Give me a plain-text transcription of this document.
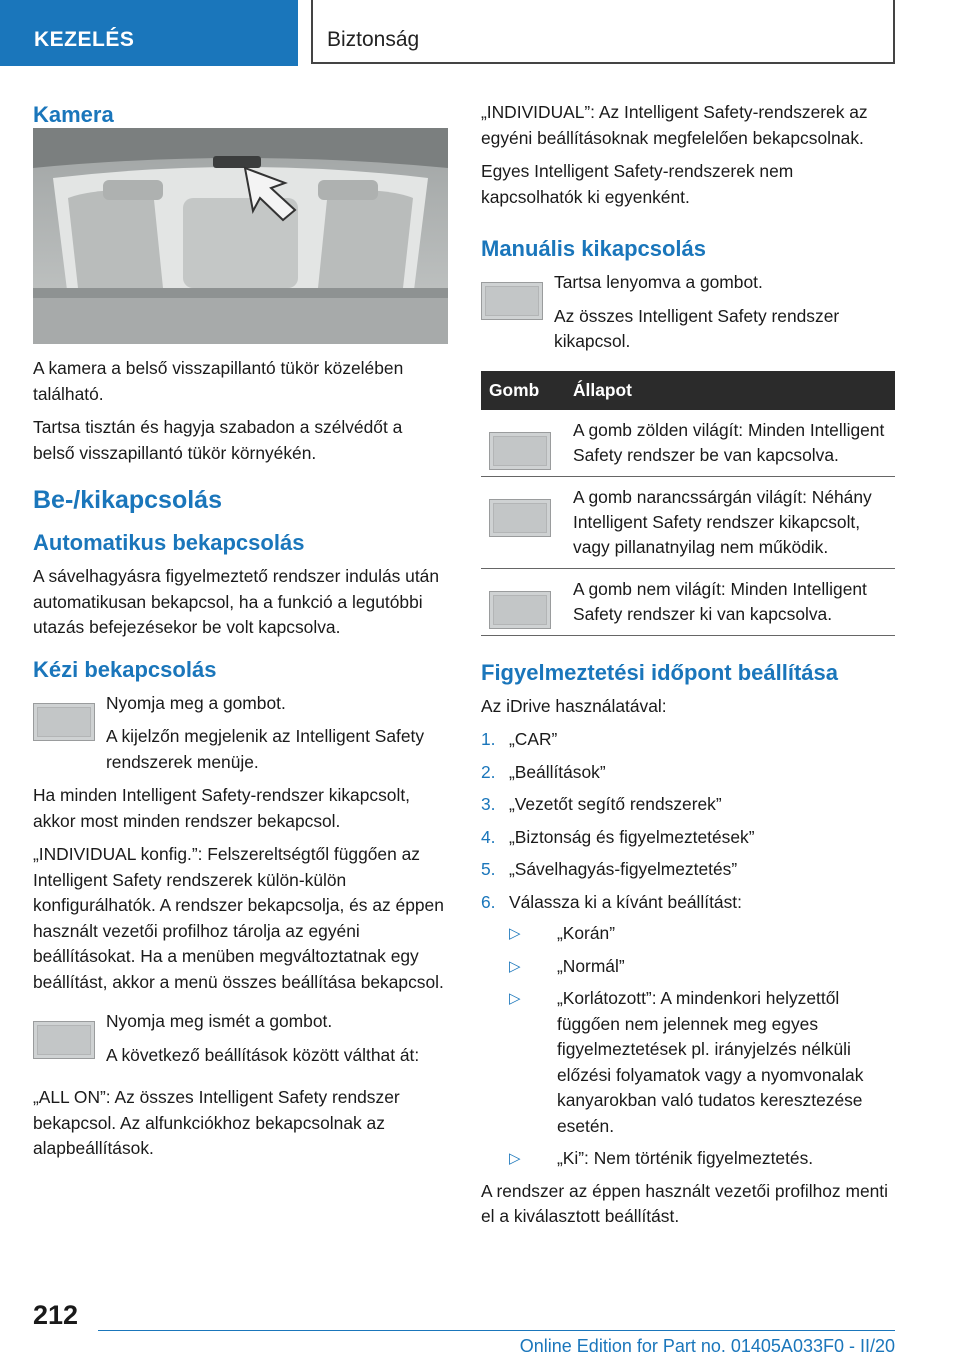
KEZELÉS	Biztonság
Kamera

A kamera a belső visszapillantó tükör közelében található.

Tartsa tisztán és hagyja szabadon a szélvédőt a belső visszapillantó tükör környékén.

Be-/kikapcsolás
Automatikus bekapcsolás

A sávelhagyásra figyelmeztető rendszer indulás után automatikusan bekapcsol, ha a funkció a legutóbbi utazás befejezésekor be volt kapcsolva.

Kézi bekapcsolás

Nyomja meg a gombot.

A kijelzőn megjelenik az Intelligent Safety rendszerek menüje.

Ha minden Intelligent Safety-rendszer kikapcsolt, akkor most minden rendszer bekapcsol.

„INDIVIDUAL konfig.”: Felszereltségtől függően az Intelligent Safety rendszerek külön-külön konfigurálhatók. A rendszer bekapcsolja, és az éppen használt vezetői profilhoz tárolja az egyéni beállításokat. Ha a menüben megváltoztatnak egy beállítást, akkor a menü összes beállítása bekapcsol.

Nyomja meg ismét a gombot.

A következő beállítások között válthat át:

„ALL ON”: Az összes Intelligent Safety rendszer bekapcsol. Az alfunkciókhoz bekapcsolnak az alapbeállítások.

„INDIVIDUAL”: Az Intelligent Safety-rendszerek az egyéni beállításoknak megfelelően bekapcsolnak.

Egyes Intelligent Safety-rendszerek nem kapcsolhatók ki egyenként.

Manuális kikapcsolás

Tartsa lenyomva a gombot.

Az összes Intelligent Safety rendszer kikapcsol.

Gomb	Állapot

	A gomb zölden világít: Minden Intelligent Safety rendszer be van kapcsolva.

	A gomb narancssárgán világít: Néhány Intelligent Safety rendszer kikapcsolt, vagy pillanatnyilag nem működik.

	A gomb nem világít: Minden Intelligent Safety rendszer ki van kapcsolva.
Figyelmeztetési időpont beállítása

Az iDrive használatával:

1. „CAR”
2. „Beállítások”
3. „Vezetőt segítő rendszerek”
4. „Biztonság és figyelmeztetések”
5. „Sávelhagyás-figyelmeztetés”
6. Válassza ki a kívánt beállítást:
▷ „Korán”
▷ „Normál”
▷ „Korlátozott”: A mindenkori helyzettől függően nem jelennek meg egyes figyelmeztetések pl. irányjelzés nélküli előzési folyamatok vagy a nyomvonalak kanyarokban való tudatos keresztezése esetén.
▷ „Ki”: Nem történik figyelmeztetés.

A rendszer az éppen használt vezetői profilhoz menti el a kiválasztott beállítást.

212
Online Edition for Part no. 01405A033F0 - II/20
